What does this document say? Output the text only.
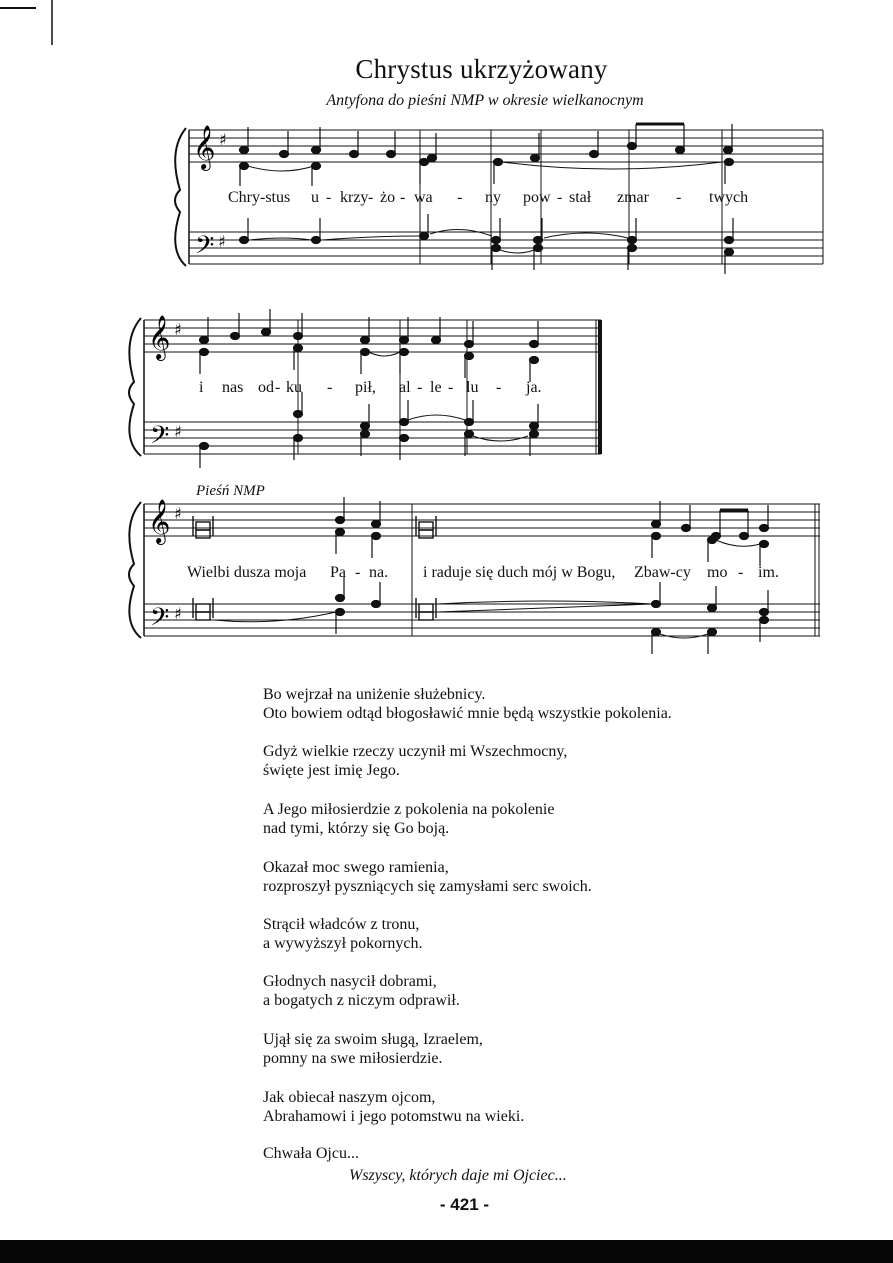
Chrystus ukrzyżowany
Antyfona do pieśni NMP w okresie wielkanocnym
𝄞
𝄢
♯
♯
Chry-stus u - krzy - żo - wa - ny pow - stał zmar - twych
𝄞
𝄢
♯
♯
i nas od - ku - pił, al - le - lu - ja.
Pieśń NMP
𝄞
𝄢
♯
♯
Wielbi dusza moja Pa - na. i raduje się duch mój w Bogu, Zbaw-cy mo - im.
Bo wejrzał na uniżenie służebnicy.
Oto bowiem odtąd błogosławić mnie będą wszystkie pokolenia.
Gdyż wielkie rzeczy uczynił mi Wszechmocny,
święte jest imię Jego.
A Jego miłosierdzie z pokolenia na pokolenie
nad tymi, którzy się Go boją.
Okazał moc swego ramienia,
rozproszył pyszniących się zamysłami serc swoich.
Strącił władców z tronu,
a wywyższył pokornych.
Głodnych nasycił dobrami,
a bogatych z niczym odprawił.
Ujął się za swoim sługą, Izraelem,
pomny na swe miłosierdzie.
Jak obiecał naszym ojcom,
Abrahamowi i jego potomstwu na wieki.
Chwała Ojcu...
Wszyscy, których daje mi Ojciec...
- 421 -
